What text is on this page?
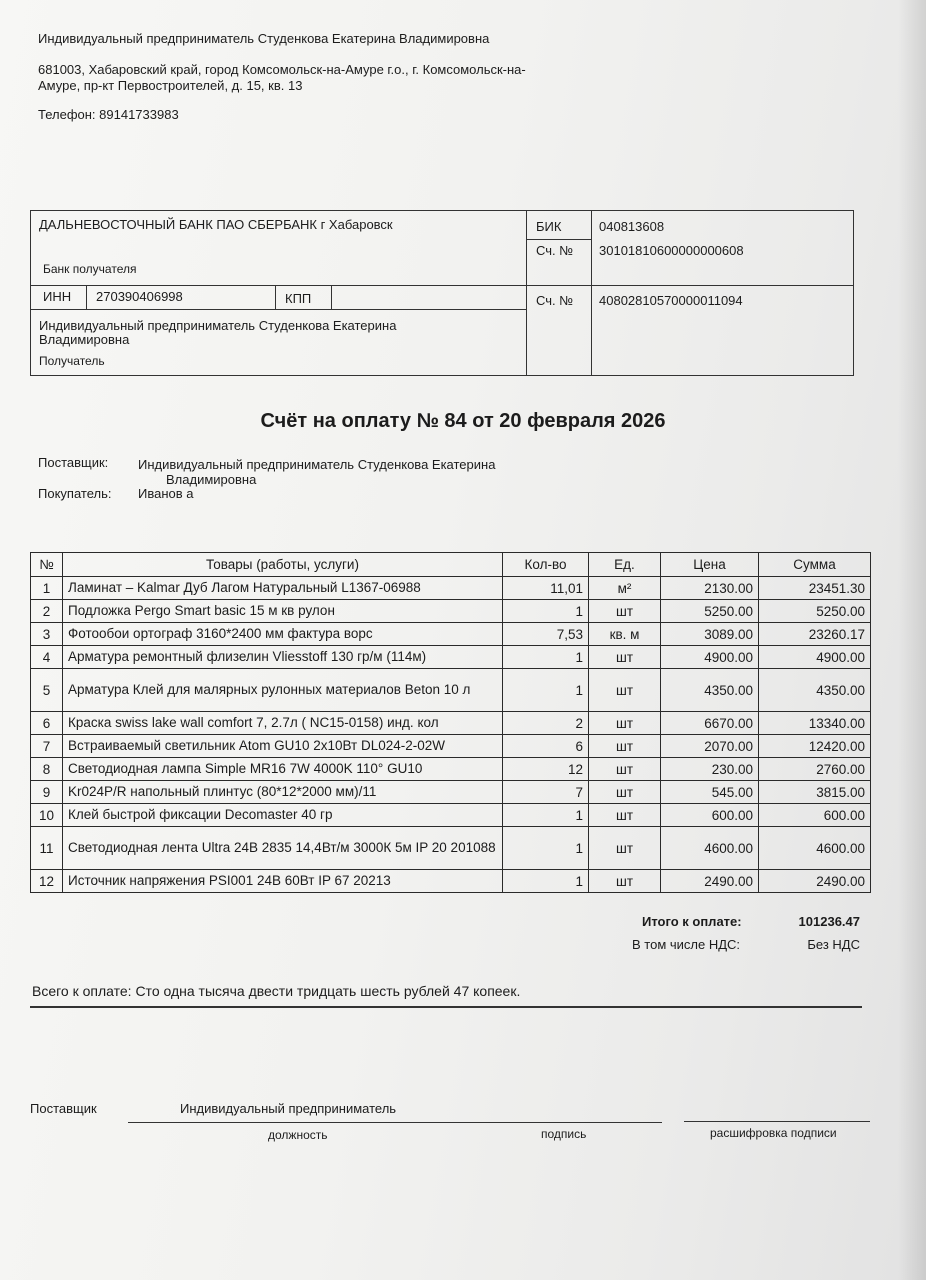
Индивидуальный предприниматель Студенкова Екатерина Владимировна
681003, Хабаровский край, город Комсомольск-на-Амуре г.о., г. Комсомольск-на-
Амуре, пр-кт Первостроителей, д. 15, кв. 13
Телефон: 89141733983
ДАЛЬНЕВОСТОЧНЫЙ БАНК ПАО СБЕРБАНК г Хабаровск
Банк получателя
БИК	040813608
Сч. № 30101810600000000608
ИНН 270390406998	КПП	Сч. № 40802810570000011094
Индивидуальный предприниматель Студенкова Екатерина
Владимировна
Получатель
Счёт на оплату № 84 от 20 февраля 2026
Поставщик: Индивидуальный предприниматель Студенкова Екатерина
Владимировна
Покупатель: Иванов а
№	Товары (работы, услуги)	Кол-во	Ед.	Цена	Сумма
1	Ламинат – Kalmar Дуб Лагом Натуральный L1367-06988	11,01	м²	2130.00	23451.30
2	Подложка Pergo Smart basic 15 м кв рулон	1	шт	5250.00	5250.00
3	Фотообои ортограф 3160*2400 мм фактура ворс	7,53	кв. м	3089.00	23260.17
4	Арматура ремонтный флизелин Vliesstoff 130 гр/м (114м)	1	шт	4900.00	4900.00
5	Арматура Клей для малярных рулонных материалов Beton 10 л	1	шт	4350.00	4350.00
6	Краска swiss lake wall comfort 7, 2.7л ( NC15-0158) инд. кол	2	шт	6670.00	13340.00
7	Встраиваемый светильник Atom GU10 2x10Вт DL024-2-02W	6	шт	2070.00	12420.00
8	Светодиодная лампа Simple MR16 7W 4000K 110° GU10	12	шт	230.00	2760.00
9	Kr024P/R напольный плинтус (80*12*2000 мм)/11	7	шт	545.00	3815.00
10	Клей быстрой фиксации Decomaster 40 гр	1	шт	600.00	600.00
11	Светодиодная лента Ultra 24В 2835 14,4Вт/м 3000К 5м IP 20 201088	1	шт	4600.00	4600.00
12	Источник напряжения PSI001 24В 60Вт IP 67 20213	1	шт	2490.00	2490.00
Итого к оплате:	101236.47
В том числе НДС:	Без НДС
Всего к оплате: Сто одна тысяча двести тридцать шесть рублей 47 копеек.
Поставщик	Индивидуальный предприниматель
должность	подпись	расшифровка подписи
